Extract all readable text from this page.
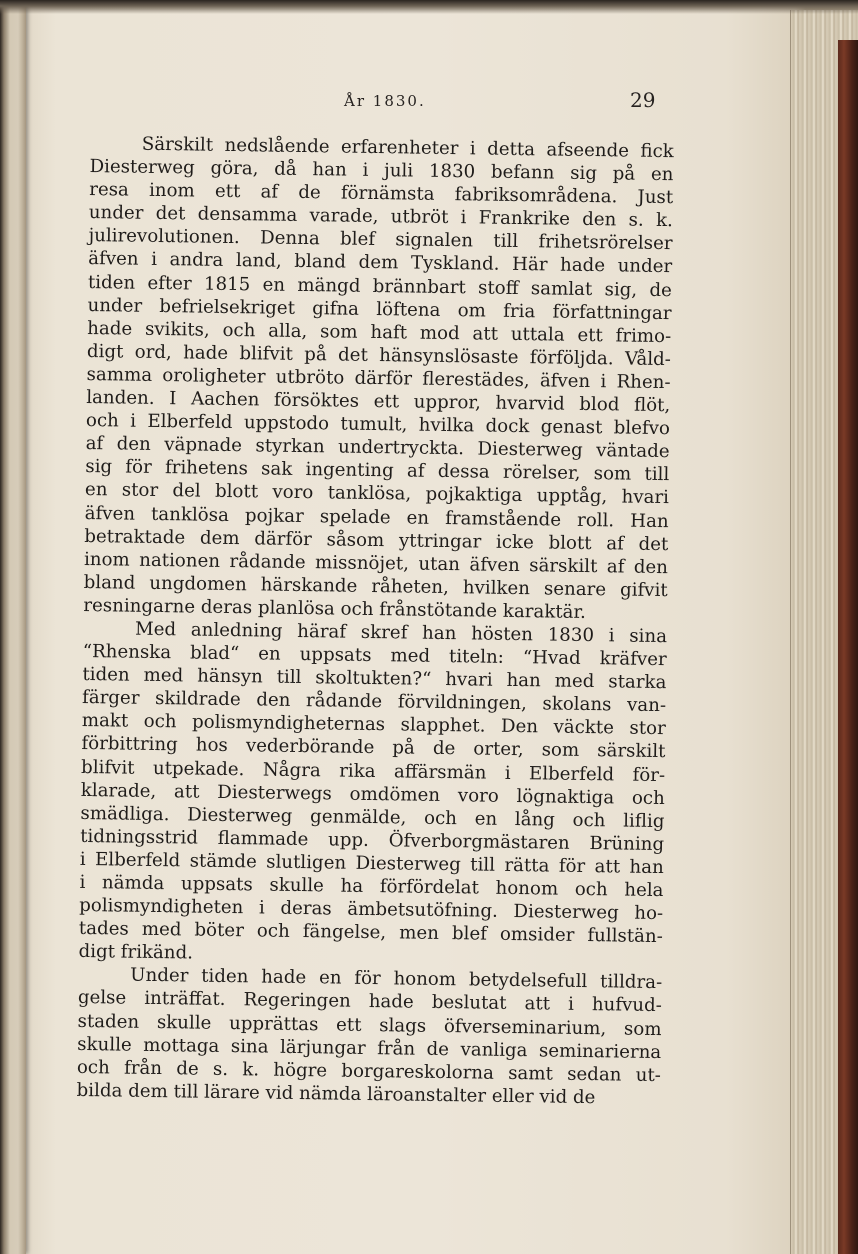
År 1830.	29
Särskilt nedslående erfarenheter i detta afseende fick
Diesterweg göra, då han i juli 1830 befann sig på en
resa inom ett af de förnämsta fabriksområdena. Just
under det densamma varade, utbröt i Frankrike den s. k.
julirevolutionen. Denna blef signalen till frihetsrörelser
äfven i andra land, bland dem Tyskland. Här hade under
tiden efter 1815 en mängd brännbart stoff samlat sig, de
under befrielsekriget gifna löftena om fria författningar
hade svikits, och alla, som haft mod att uttala ett frimo-
digt ord, hade blifvit på det hänsynslösaste förföljda. Våld-
samma oroligheter utbröto därför flerestädes, äfven i Rhen-
landen. I Aachen försöktes ett uppror, hvarvid blod flöt,
och i Elberfeld uppstodo tumult, hvilka dock genast blefvo
af den väpnade styrkan undertryckta. Diesterweg väntade
sig för frihetens sak ingenting af dessa rörelser, som till
en stor del blott voro tanklösa, pojkaktiga upptåg, hvari
äfven tanklösa pojkar spelade en framstående roll. Han
betraktade dem därför såsom yttringar icke blott af det
inom nationen rådande missnöjet, utan äfven särskilt af den
bland ungdomen härskande råheten, hvilken senare gifvit
resningarne deras planlösa och frånstötande karaktär.
Med anledning häraf skref han hösten 1830 i sina
“Rhenska blad“ en uppsats med titeln: “Hvad kräfver
tiden med hänsyn till skoltukten?“ hvari han med starka
färger skildrade den rådande förvildningen, skolans van-
makt och polismyndigheternas slapphet. Den väckte stor
förbittring hos vederbörande på de orter, som särskilt
blifvit utpekade. Några rika affärsmän i Elberfeld för-
klarade, att Diesterwegs omdömen voro lögnaktiga och
smädliga. Diesterweg genmälde, och en lång och liflig
tidningsstrid flammade upp. Öfverborgmästaren Brüning
i Elberfeld stämde slutligen Diesterweg till rätta för att han
i nämda uppsats skulle ha förfördelat honom och hela
polismyndigheten i deras ämbetsutöfning. Diesterweg ho-
tades med böter och fängelse, men blef omsider fullstän-
digt frikänd.
Under tiden hade en för honom betydelsefull tilldra-
gelse inträffat. Regeringen hade beslutat att i hufvud-
staden skulle upprättas ett slags öfverseminarium, som
skulle mottaga sina lärjungar från de vanliga seminarierna
och från de s. k. högre borgareskolorna samt sedan ut-
bilda dem till lärare vid nämda läroanstalter eller vid de
